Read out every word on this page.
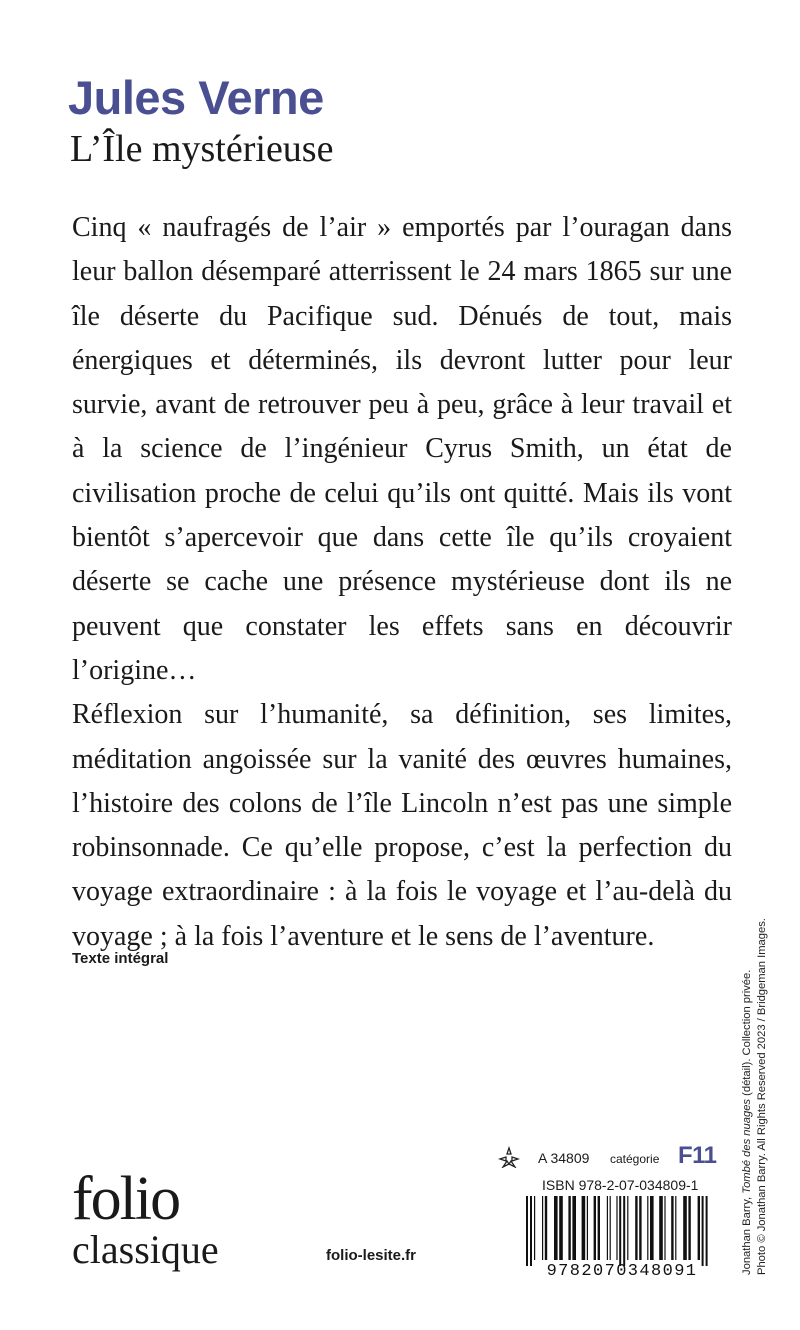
Jules Verne
L’Île mystérieuse

Cinq « naufragés de l’air » emportés par l’ouragan dans leur ballon désemparé atterrissent le 24 mars 1865 sur une île déserte du Pacifique sud. Dénués de tout, mais énergiques et déterminés, ils devront lutter pour leur survie, avant de retrouver peu à peu, grâce à leur travail et à la science de l’ingénieur Cyrus Smith, un état de civilisation proche de celui qu’ils ont quitté. Mais ils vont bientôt s’apercevoir que dans cette île qu’ils croyaient déserte se cache une présence mystérieuse dont ils ne peuvent que constater les effets sans en découvrir l’origine…

Réflexion sur l’humanité, sa définition, ses limites, méditation angoissée sur la vanité des œuvres humaines, l’histoire des colons de l’île Lincoln n’est pas une simple robinsonnade. Ce qu’elle propose, c’est la perfection du voyage extraordinaire : à la fois le voyage et l’au-delà du voyage ; à la fois l’aventure et le sens de l’aventure.

Texte intégral
Jonathan Barry, Tombé des nuages (détail). Collection privée. Photo © Jonathan Barry. All Rights Reserved 2023 / Bridgeman Images.
folio
classique	folio-lesite.fr
A 34809 catégorie F11
ISBN 978-2-07-034809-1
9782070348091
